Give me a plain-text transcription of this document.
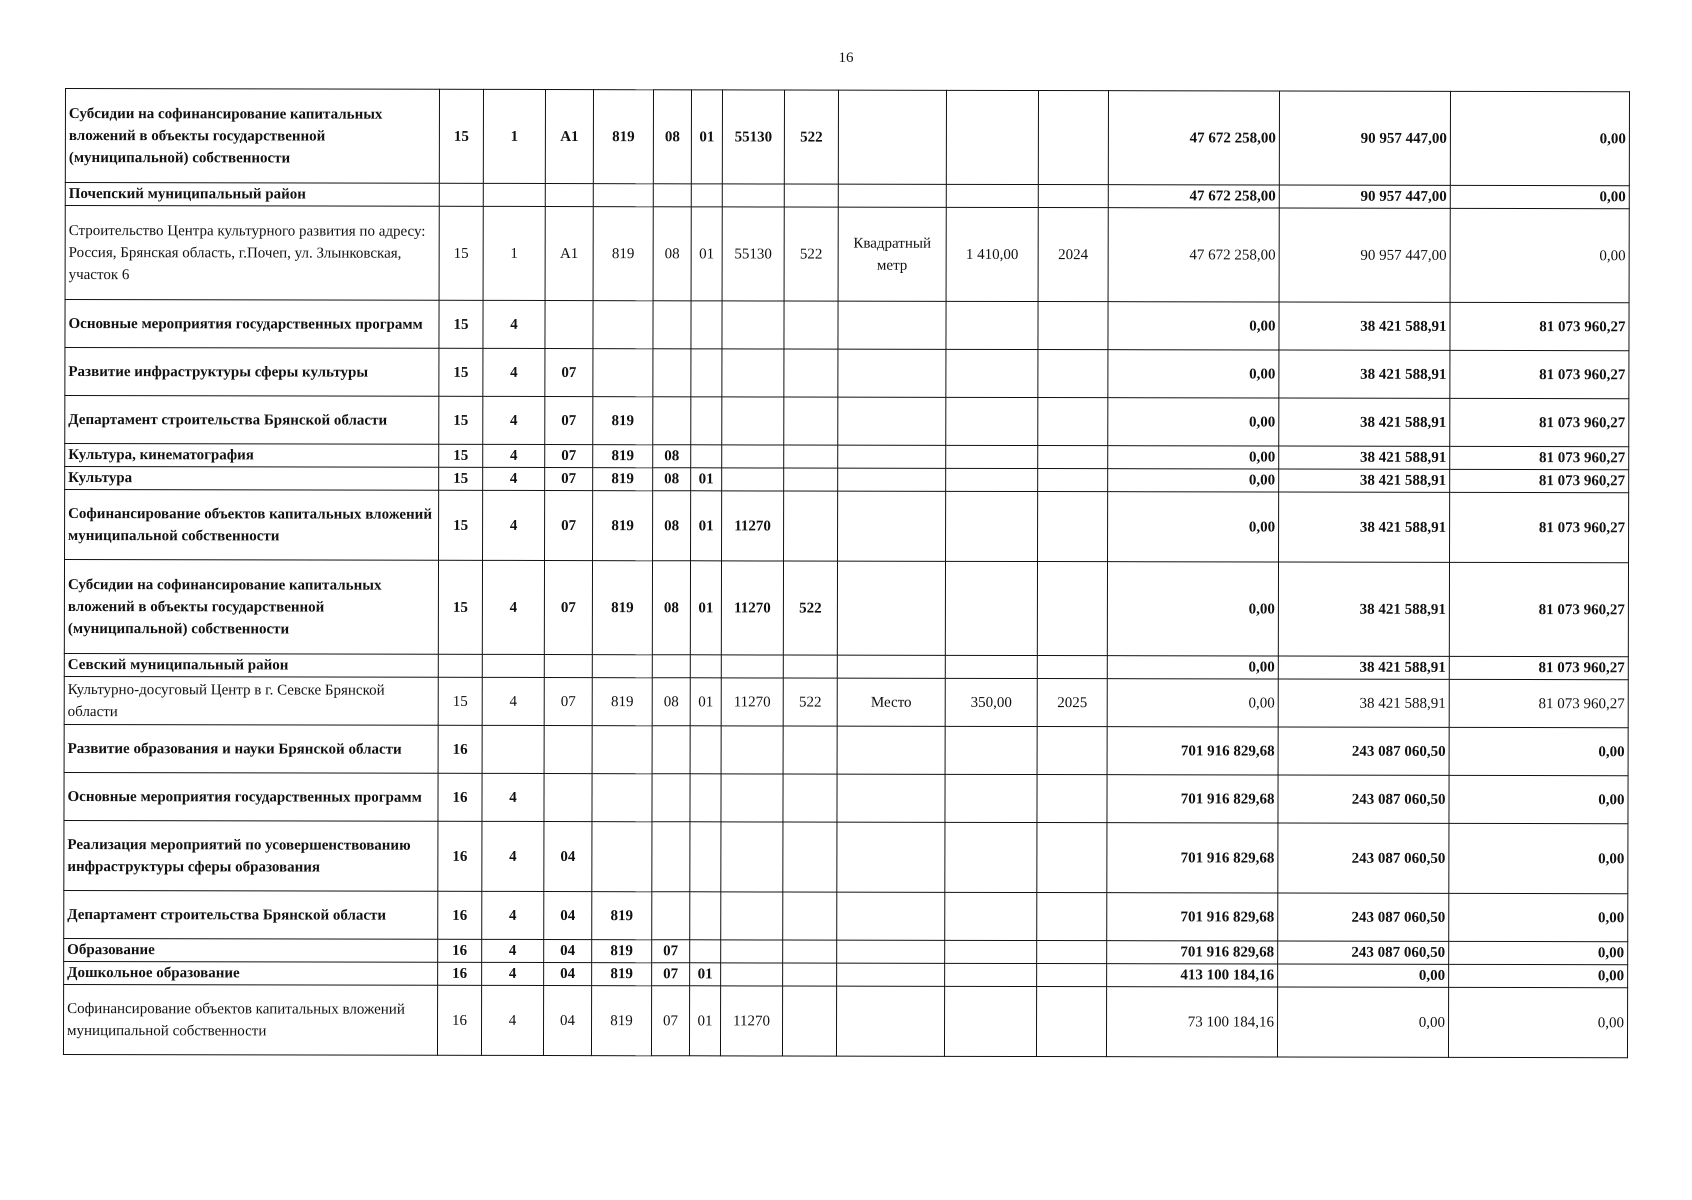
16
Субсидии на софинансирование капитальных вложений в объекты государственной (муниципальной) собственности	15	1	А1	819	08	01	55130	522				47 672 258,00	90 957 447,00	0,00
Почепский муниципальный район												47 672 258,00	90 957 447,00	0,00
Строительство Центра культурного развития по адресу: Россия, Брянская область, г.Почеп, ул. Злынковская, участок 6	15	1	А1	819	08	01	55130	522	Квадратный метр	1 410,00	2024	47 672 258,00	90 957 447,00	0,00
Основные мероприятия государственных программ	15	4										0,00	38 421 588,91	81 073 960,27
Развитие инфраструктуры сферы культуры	15	4	07									0,00	38 421 588,91	81 073 960,27
Департамент строительства Брянской области	15	4	07	819								0,00	38 421 588,91	81 073 960,27
Культура, кинематография	15	4	07	819	08							0,00	38 421 588,91	81 073 960,27
Культура	15	4	07	819	08	01						0,00	38 421 588,91	81 073 960,27
Софинансирование объектов капитальных вложений муниципальной собственности	15	4	07	819	08	01	11270					0,00	38 421 588,91	81 073 960,27
Субсидии на софинансирование капитальных вложений в объекты государственной (муниципальной) собственности	15	4	07	819	08	01	11270	522				0,00	38 421 588,91	81 073 960,27
Севский муниципальный район												0,00	38 421 588,91	81 073 960,27
Культурно-досуговый Центр в г. Севске Брянской области	15	4	07	819	08	01	11270	522	Место	350,00	2025	0,00	38 421 588,91	81 073 960,27
Развитие образования и науки Брянской области	16											701 916 829,68	243 087 060,50	0,00
Основные мероприятия государственных программ	16	4										701 916 829,68	243 087 060,50	0,00
Реализация мероприятий по усовершенствованию инфраструктуры сферы образования	16	4	04									701 916 829,68	243 087 060,50	0,00
Департамент строительства Брянской области	16	4	04	819								701 916 829,68	243 087 060,50	0,00
Образование	16	4	04	819	07							701 916 829,68	243 087 060,50	0,00
Дошкольное образование	16	4	04	819	07	01						413 100 184,16	0,00	0,00
Софинансирование объектов капитальных вложений муниципальной собственности	16	4	04	819	07	01	11270					73 100 184,16	0,00	0,00
